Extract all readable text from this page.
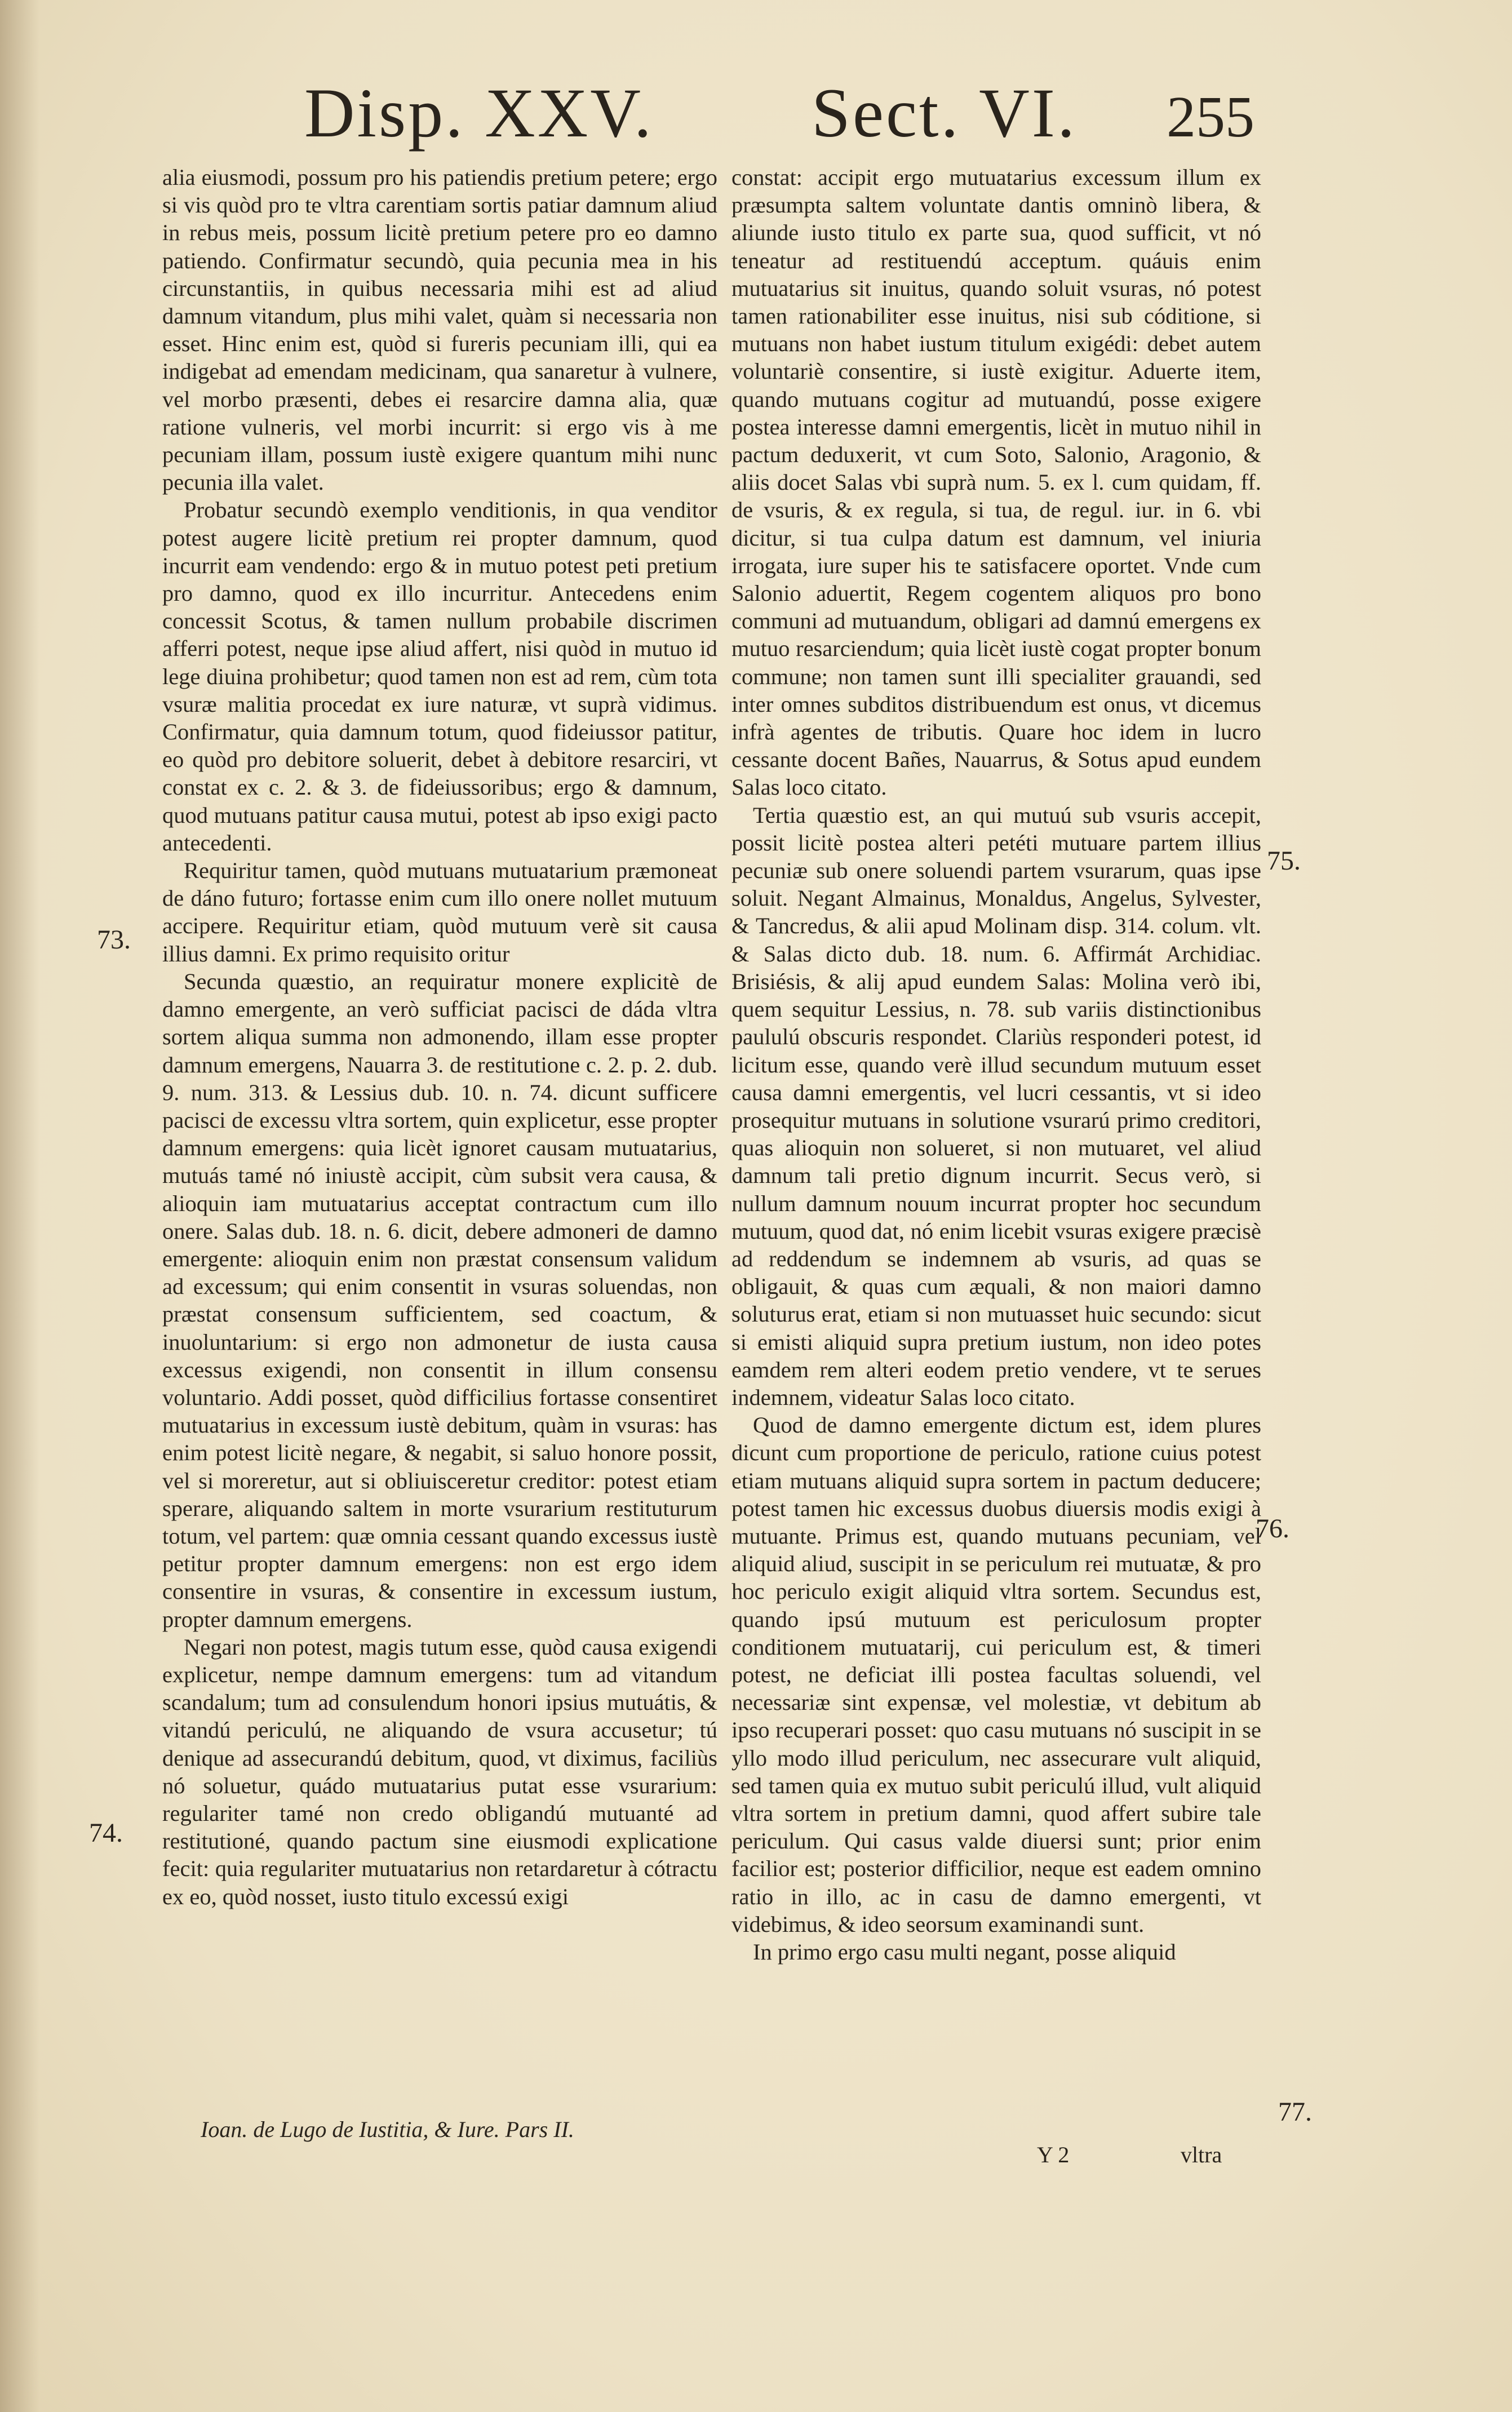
Disp. XXV. Sect. VI. 255

alia eiusmodi, possum pro his patiendis pretium petere; ergo si vis quòd pro te vltra carentiam sortis patiar damnum aliud in rebus meis, possum licitè pretium petere pro eo damno patiendo. Confirmatur secundò, quia pecunia mea in his circunstantiis, in quibus necessaria mihi est ad aliud damnum vitandum, plus mihi valet, quàm si necessaria non esset. Hinc enim est, quòd si fureris pecuniam illi, qui ea indigebat ad emendam medicinam, qua sanaretur à vulnere, vel morbo præsenti, debes ei resarcire damna alia, quæ ratione vulneris, vel morbi incurrit: si ergo vis à me pecuniam illam, possum iustè exigere quantum mihi nunc pecunia illa valet.

Probatur secundò exemplo venditionis, in qua venditor potest augere licitè pretium rei propter damnum, quod incurrit eam vendendo: ergo & in mutuo potest peti pretium pro damno, quod ex illo incurritur. Antecedens enim concessit Scotus, & tamen nullum probabile discrimen afferri potest, neque ipse aliud affert, nisi quòd in mutuo id lege diuina prohibetur; quod tamen non est ad rem, cùm tota vsuræ malitia procedat ex iure naturæ, vt suprà vidimus. Confirmatur, quia damnum totum, quod fideiussor patitur, eo quòd pro debitore soluerit, debet à debitore resarciri, vt constat ex c. 2. & 3. de fideiussoribus; ergo & damnum, quod mutuans patitur causa mutui, potest ab ipso exigi pacto antecedenti.

Requiritur tamen, quòd mutuans mutuatarium præmoneat de dáno futuro; fortasse enim cum illo onere nollet mutuum accipere. Requiritur etiam, quòd mutuum verè sit causa illius damni. Ex primo requisito oritur

Secunda quæstio, an requiratur monere explicitè de damno emergente, an verò sufficiat pacisci de dáda vltra sortem aliqua summa non admonendo, illam esse propter damnum emergens, Nauarra 3. de restitutione c. 2. p. 2. dub. 9. num. 313. & Lessius dub. 10. n. 74. dicunt sufficere pacisci de excessu vltra sortem, quin explicetur, esse propter damnum emergens: quia licèt ignoret causam mutuatarius, mutuás tamé nó iniustè accipit, cùm subsit vera causa, & alioquin iam mutuatarius acceptat contractum cum illo onere. Salas dub. 18. n. 6. dicit, debere admoneri de damno emergente: alioquin enim non præstat consensum validum ad excessum; qui enim consentit in vsuras soluendas, non præstat consensum sufficientem, sed coactum, & inuoluntarium: si ergo non admonetur de iusta causa excessus exigendi, non consentit in illum consensu voluntario. Addi posset, quòd difficilius fortasse consentiret mutuatarius in excessum iustè debitum, quàm in vsuras: has enim potest licitè negare, & negabit, si saluo honore possit, vel si moreretur, aut si obliuisceretur creditor: potest etiam sperare, aliquando saltem in morte vsurarium restituturum totum, vel partem: quæ omnia cessant quando excessus iustè petitur propter damnum emergens: non est ergo idem consentire in vsuras, & consentire in excessum iustum, propter damnum emergens.

Negari non potest, magis tutum esse, quòd causa exigendi explicetur, nempe damnum emergens: tum ad vitandum scandalum; tum ad consulendum honori ipsius mutuátis, & vitandú periculú, ne aliquando de vsura accusetur; tú denique ad assecurandú debitum, quod, vt diximus, faciliùs nó soluetur, quádo mutuatarius putat esse vsurarium: regulariter tamé non credo obligandú mutuanté ad restitutioné, quando pactum sine eiusmodi explicatione fecit: quia regulariter mutuatarius non retardaretur à cótractu ex eo, quòd nosset, iusto titulo excessú exigi

constat: accipit ergo mutuatarius excessum illum ex præsumpta saltem voluntate dantis omninò libera, & aliunde iusto titulo ex parte sua, quod sufficit, vt nó teneatur ad restituendú acceptum. quáuis enim mutuatarius sit inuitus, quando soluit vsuras, nó potest tamen rationabiliter esse inuitus, nisi sub códitione, si mutuans non habet iustum titulum exigédi: debet autem voluntariè consentire, si iustè exigitur. Aduerte item, quando mutuans cogitur ad mutuandú, posse exigere postea interesse damni emergentis, licèt in mutuo nihil in pactum deduxerit, vt cum Soto, Salonio, Aragonio, & aliis docet Salas vbi suprà num. 5. ex l. cum quidam, ff. de vsuris, & ex regula, si tua, de regul. iur. in 6. vbi dicitur, si tua culpa datum est damnum, vel iniuria irrogata, iure super his te satisfacere oportet. Vnde cum Salonio aduertit, Regem cogentem aliquos pro bono communi ad mutuandum, obligari ad damnú emergens ex mutuo resarciendum; quia licèt iustè cogat propter bonum commune; non tamen sunt illi specialiter grauandi, sed inter omnes subditos distribuendum est onus, vt dicemus infrà agentes de tributis. Quare hoc idem in lucro cessante docent Bañes, Nauarrus, & Sotus apud eundem Salas loco citato.

Tertia quæstio est, an qui mutuú sub vsuris accepit, possit licitè postea alteri petéti mutuare partem illius pecuniæ sub onere soluendi partem vsurarum, quas ipse soluit. Negant Almainus, Monaldus, Angelus, Sylvester, & Tancredus, & alii apud Molinam disp. 314. colum. vlt. & Salas dicto dub. 18. num. 6. Affirmát Archidiac. Brisiésis, & alij apud eundem Salas: Molina verò ibi, quem sequitur Lessius, n. 78. sub variis distinctionibus paululú obscuris respondet. Clariùs responderi potest, id licitum esse, quando verè illud secundum mutuum esset causa damni emergentis, vel lucri cessantis, vt si ideo prosequitur mutuans in solutione vsurarú primo creditori, quas alioquin non solueret, si non mutuaret, vel aliud damnum tali pretio dignum incurrit. Secus verò, si nullum damnum nouum incurrat propter hoc secundum mutuum, quod dat, nó enim licebit vsuras exigere præcisè ad reddendum se indemnem ab vsuris, ad quas se obligauit, & quas cum æquali, & non maiori damno soluturus erat, etiam si non mutuasset huic secundo: sicut si emisti aliquid supra pretium iustum, non ideo potes eamdem rem alteri eodem pretio vendere, vt te serues indemnem, videatur Salas loco citato.

Quod de damno emergente dictum est, idem plures dicunt cum proportione de periculo, ratione cuius potest etiam mutuans aliquid supra sortem in pactum deducere; potest tamen hic excessus duobus diuersis modis exigi à mutuante. Primus est, quando mutuans pecuniam, vel aliquid aliud, suscipit in se periculum rei mutuatæ, & pro hoc periculo exigit aliquid vltra sortem. Secundus est, quando ipsú mutuum est periculosum propter conditionem mutuatarij, cui periculum est, & timeri potest, ne deficiat illi postea facultas soluendi, vel necessariæ sint expensæ, vel molestiæ, vt debitum ab ipso recuperari posset: quo casu mutuans nó suscipit in se yllo modo illud periculum, nec assecurare vult aliquid, sed tamen quia ex mutuo subit periculú illud, vult aliquid vltra sortem in pretium damni, quod affert subire tale periculum. Qui casus valde diuersi sunt; prior enim facilior est; posterior difficilior, neque est eadem omnino ratio in illo, ac in casu de damno emergenti, vt videbimus, & ideo seorsum examinandi sunt.

In primo ergo casu multi negant, posse aliquid

73.
74.
75.
76.
77.
Ioan. de Lugo de Iustitia, & Iure. Pars II.
Y 2	vltra
